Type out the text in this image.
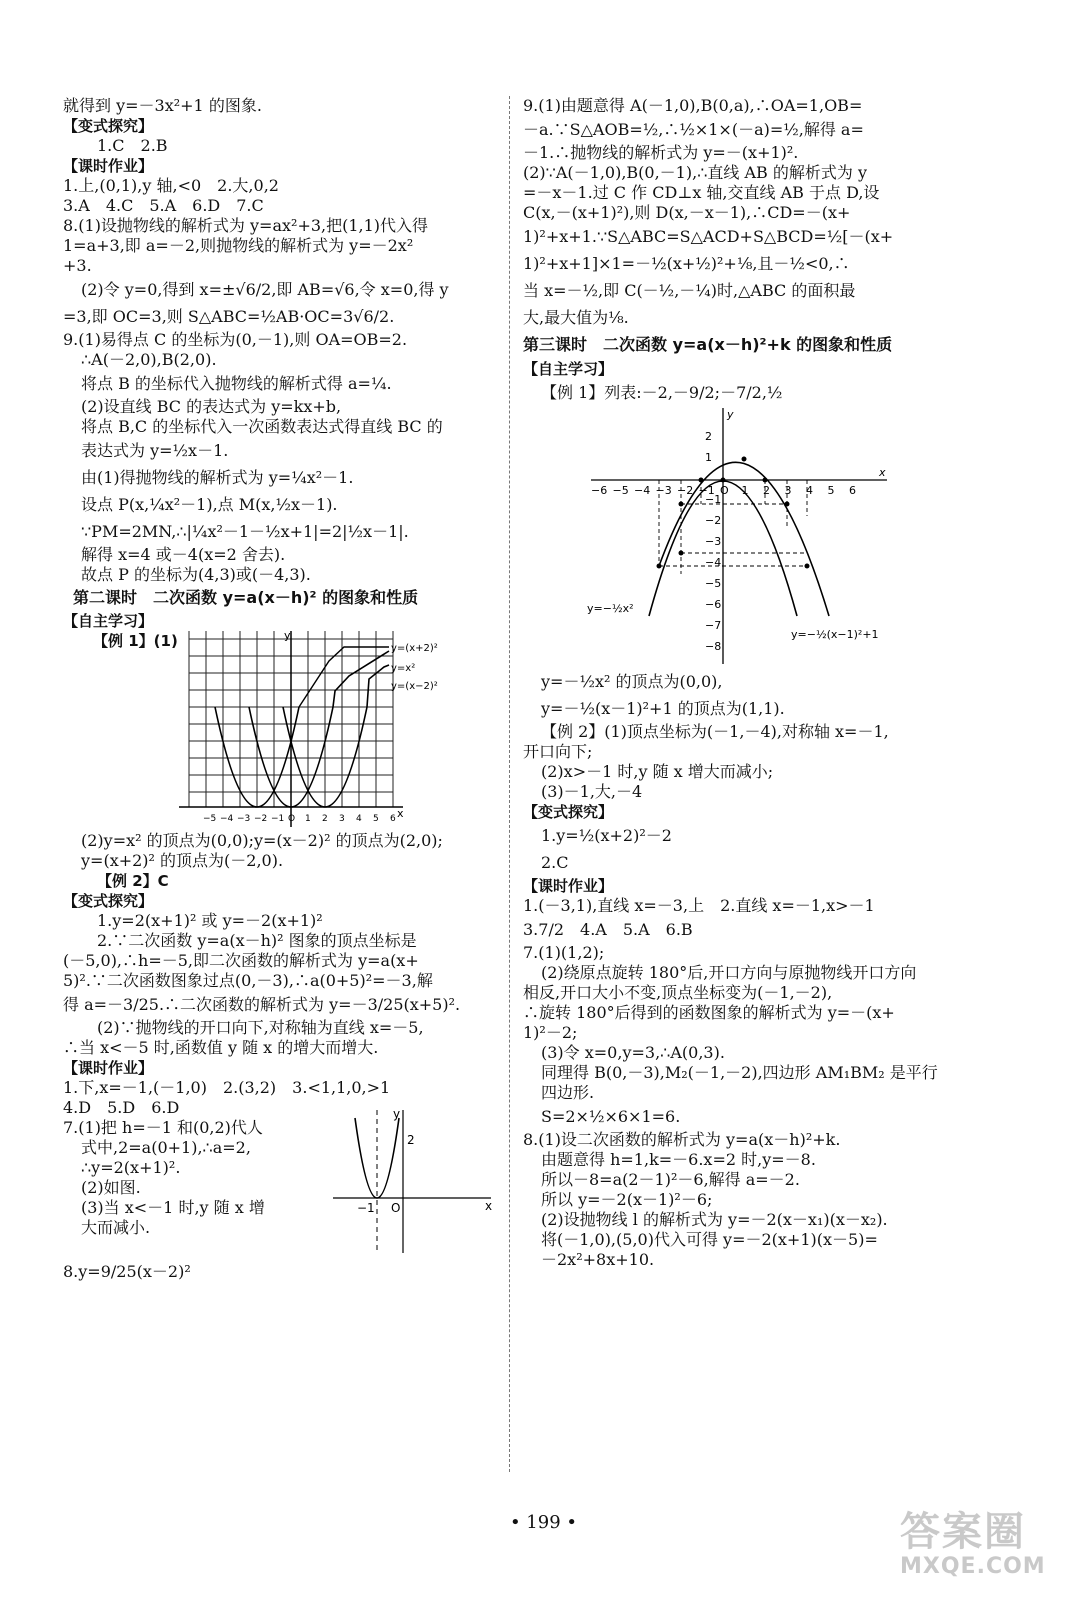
就得到 y=－3x²+1 的图象.
【变式探究】
1.C　2.B
【课时作业】
1.上,(0,1),y 轴,<0　2.大,0,2
3.A　4.C　5.A　6.D　7.C
8.(1)设抛物线的解析式为 y=ax²+3,把(1,1)代入得
1=a+3,即 a=－2,则抛物线的解析式为 y=－2x²
+3.
(2)令 y=0,得到 x=±√6/2,即 AB=√6,令 x=0,得 y
=3,即 OC=3,则 S△ABC=½AB·OC=3√6/2.
9.(1)易得点 C 的坐标为(0,－1),则 OA=OB=2.
∴A(－2,0),B(2,0).
将点 B 的坐标代入抛物线的解析式得 a=¼.
(2)设直线 BC 的表达式为 y=kx+b,
将点 B,C 的坐标代入一次函数表达式得直线 BC 的
表达式为 y=½x－1.
由(1)得抛物线的解析式为 y=¼x²－1.
设点 P(x,¼x²－1),点 M(x,½x－1).
∵PM=2MN,∴|¼x²－1－½x+1|=2|½x－1|.
解得 x=4 或－4(x=2 舍去).
故点 P 的坐标为(4,3)或(－4,3).
第二课时　二次函数 y=a(x－h)² 的图象和性质
【自主学习】
【例 1】(1)	y
x
y=(x+2)²
y=x²
y=(x−2)²
−5 −4 −3 −2 −1 O 1 2 3 4 5 6
(2)y=x² 的顶点为(0,0);y=(x－2)² 的顶点为(2,0);
y=(x+2)² 的顶点为(－2,0).
【例 2】C
【变式探究】
1.y=2(x+1)² 或 y=－2(x+1)²
2.∵二次函数 y=a(x－h)² 图象的顶点坐标是
(－5,0),∴h=－5,即二次函数的解析式为 y=a(x+
5)².∵二次函数图象过点(0,－3),∴a(0+5)²=－3,解
得 a=－3/25.∴二次函数的解析式为 y=－3/25(x+5)².
(2)∵抛物线的开口向下,对称轴为直线 x=－5,
∴当 x<－5 时,函数值 y 随 x 的增大而增大.
【课时作业】
1.下,x=－1,(－1,0)　2.(3,2)　3.<1,1,0,>1
4.D　5.D　6.D
7.(1)把 h=－1 和(0,2)代人
式中,2=a(0+1),∴a=2,
∴y=2(x+1)².
(2)如图.
(3)当 x<－1 时,y 随 x 增
大而减小.
y
x
2
−1 O
8.y=9/25(x－2)²
9.(1)由题意得 A(－1,0),B(0,a),∴OA=1,OB=
－a.∵S△AOB=½,∴½×1×(－a)=½,解得 a=
－1.∴抛物线的解析式为 y=－(x+1)².
(2)∵A(－1,0),B(0,－1),∴直线 AB 的解析式为 y
=－x－1.过 C 作 CD⊥x 轴,交直线 AB 于点 D,设
C(x,－(x+1)²),则 D(x,－x－1),∴CD=－(x+
1)²+x+1.∵S△ABC=S△ACD+S△BCD=½[－(x+
1)²+x+1]×1=－½(x+½)²+⅛,且－½<0,∴
当 x=－½,即 C(－½,－¼)时,△ABC 的面积最
大,最大值为⅛.
第三课时　二次函数 y=a(x－h)²+k 的图象和性质
【自主学习】
【例 1】列表:－2,－9/2;－7/2,½
y
x
−6 −5 −4 −3 −2 −1 O 1 2 3 4 5 6
2
1
−1
−2
−3
−4
−5
−6
−7
−8
y=−½x²
y=−½(x−1)²+1
y=－½x² 的顶点为(0,0),
y=－½(x－1)²+1 的顶点为(1,1).
【例 2】(1)顶点坐标为(－1,－4),对称轴 x=－1,
开口向下;
(2)x>－1 时,y 随 x 增大而减小;
(3)－1,大,－4
【变式探究】
1.y=½(x+2)²－2
2.C
【课时作业】
1.(－3,1),直线 x=－3,上　2.直线 x=－1,x>－1
3.7/2　4.A　5.A　6.B
7.(1)(1,2);
(2)绕原点旋转 180°后,开口方向与原抛物线开口方向
相反,开口大小不变,顶点坐标变为(－1,－2),
∴旋转 180°后得到的函数图象的解析式为 y=－(x+
1)²－2;
(3)令 x=0,y=3,∴A(0,3).
同理得 B(0,－3),M₂(－1,－2),四边形 AM₁BM₂ 是平行
四边形.
S=2×½×6×1=6.
8.(1)设二次函数的解析式为 y=a(x－h)²+k.
由题意得 h=1,k=－6.x=2 时,y=－8.
所以－8=a(2－1)²－6,解得 a=－2.
所以 y=－2(x－1)²－6;
(2)设抛物线 l 的解析式为 y=－2(x－x₁)(x－x₂).
将(－1,0),(5,0)代入可得 y=－2(x+1)(x－5)=
－2x²+8x+10.
• 199 •	答案圈
MXQE.COM
